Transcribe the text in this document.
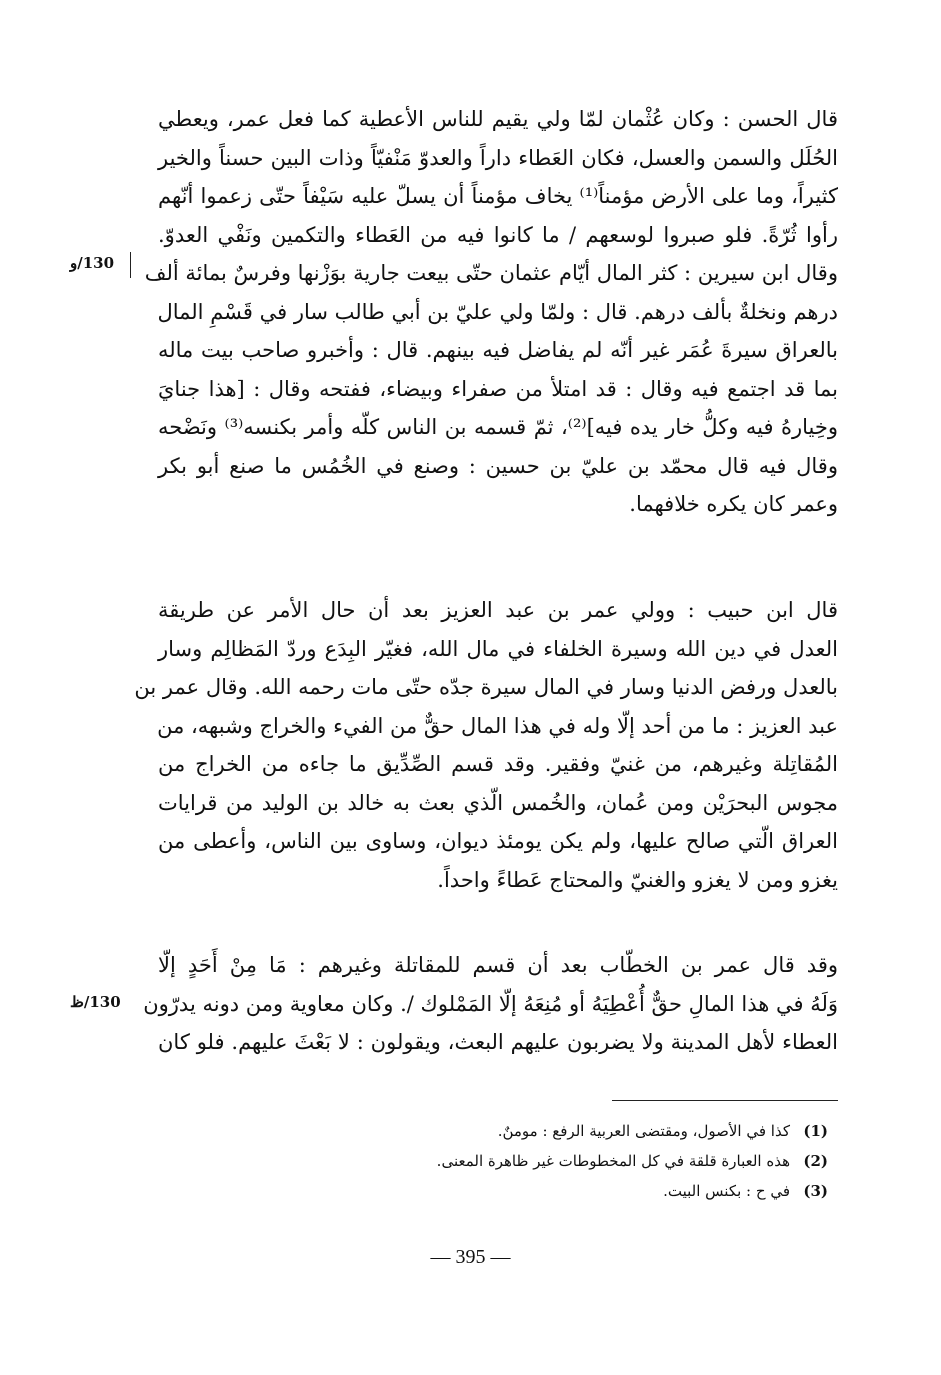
قال الحسن : وكان عُثْمان لمّا ولي يقيم للناس الأعطية كما فعل عمر، ويعطي
الحُلَل والسمن والعسل، فكان العَطاء داراً والعدوّ مَنْفيّاً وذات البين حسناً والخير
كثيراً، وما على الأرض مؤمناً⁽¹⁾ يخاف مؤمناً أن يسلّ عليه سَيْفاً حتّى زعموا أنّهم
رأوا ثُرّةً. فلو صبروا لوسعهم / ما كانوا فيه من العَطاء والتكمين ونَفْي العدوّ.
وقال ابن سيرين : كثر المال أيّام عثمان حتّى بيعت جارية بوَزْنها وفرسٌ بمائة ألف
درهم ونخلةٌ بألف درهم. قال : ولمّا ولي عليّ بن أبي طالب سار في قَسْمِ المال
بالعراق سيرةَ عُمَر غير أنّه لم يفاضل فيه بينهم. قال : وأخبرو صاحب بيت ماله
بما قد اجتمع فيه وقال : قد امتلأ من صفراء وبيضاء، ففتحه وقال : [هذا جنايَ
وخِيارهُ فيه وكلُّ خار يده فيه]⁽²⁾، ثمّ قسمه بن الناس كلّه وأمر بكنسه⁽³⁾ ونَضْحه
وقال فيه قال محمّد بن عليّ بن حسين : وصنع في الخُمُس ما صنع أبو بكر
وعمر كان يكره خلافهما.
قال ابن حبيب : وولي عمر بن عبد العزيز بعد أن حال الأمر عن طريقة
العدل في دين الله وسيرة الخلفاء في مال الله، فغيّر البِدَع وردّ المَظالِم وسار
بالعدل ورفض الدنيا وسار في المال سيرة جدّه حتّى مات رحمه الله. وقال عمر بن
عبد العزيز : ما من أحد إلّا وله في هذا المال حقٌّ من الفيء والخراج وشبهه، من
المُقاتِلة وغيرهم، من غنيّ وفقير. وقد قسم الصِّدِّيق ما جاءه من الخراج من
مجوس البحرَيْن ومن عُمان، والخُمس الّذي بعث به خالد بن الوليد من قرايات
العراق الّتي صالح عليها، ولم يكن يومئذ ديوان، وساوى بين الناس، وأعطى من
يغزو ومن لا يغزو والغنيّ والمحتاج عَطاءً واحداً.
وقد قال عمر بن الخطّاب بعد أن قسم للمقاتلة وغيرهم : مَا مِنْ أَحَدٍ إلّا
وَلَهُ في هذا المالِ حقٌّ أُعْطِيَهُ أو مُنِعَهُ إلّا المَمْلوك /. وكان معاوية ومن دونه يدرّون
العطاء لأهل المدينة ولا يضربون عليهم البعث، ويقولون : لا بَعْثَ عليهم. فلو كان
130/و
130/ظ
(1)كذا في الأصول، ومقتضى العربية الرفع : مومنٌ.
(2)هذه العبارة قلقة في كل المخطوطات غير ظاهرة المعنى.
(3)في ح : بكنس البيت.
— 395 —
